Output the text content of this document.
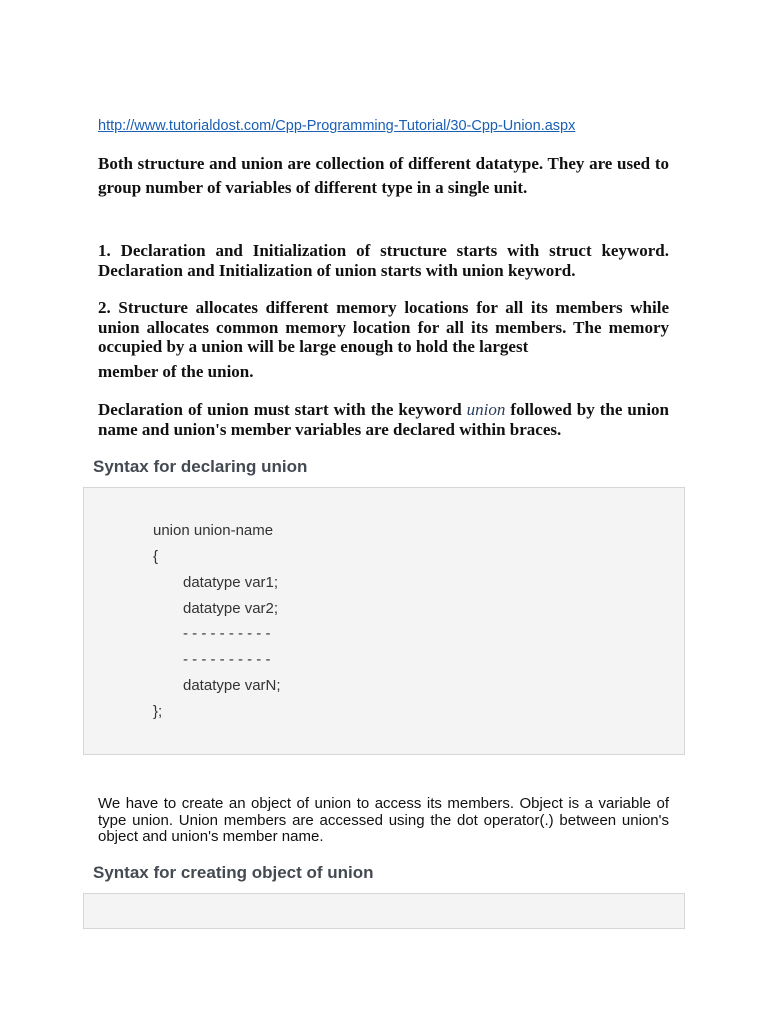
http://www.tutorialdost.com/Cpp-Programming-Tutorial/30-Cpp-Union.aspx
Both structure and union are collection of different datatype. They are used to group number of variables of different type in a single unit.
1. Declaration and Initialization of structure starts with struct keyword. Declaration and Initialization of union starts with union keyword.
2. Structure allocates different memory locations for all its members while union allocates common memory location for all its members. The memory occupied by a union will be large enough to hold the largest
member of the union.
Declaration of union must start with the keyword union followed by the union name and union's member variables are declared within braces.
Syntax for declaring union
union union-name
{
datatype var1;
datatype var2;
- - - - - - - - - -
- - - - - - - - - -
datatype varN;
};
We have to create an object of union to access its members. Object is a variable of type union. Union members are accessed using the dot operator(.) between union's object and union's member name.
Syntax for creating object of union
